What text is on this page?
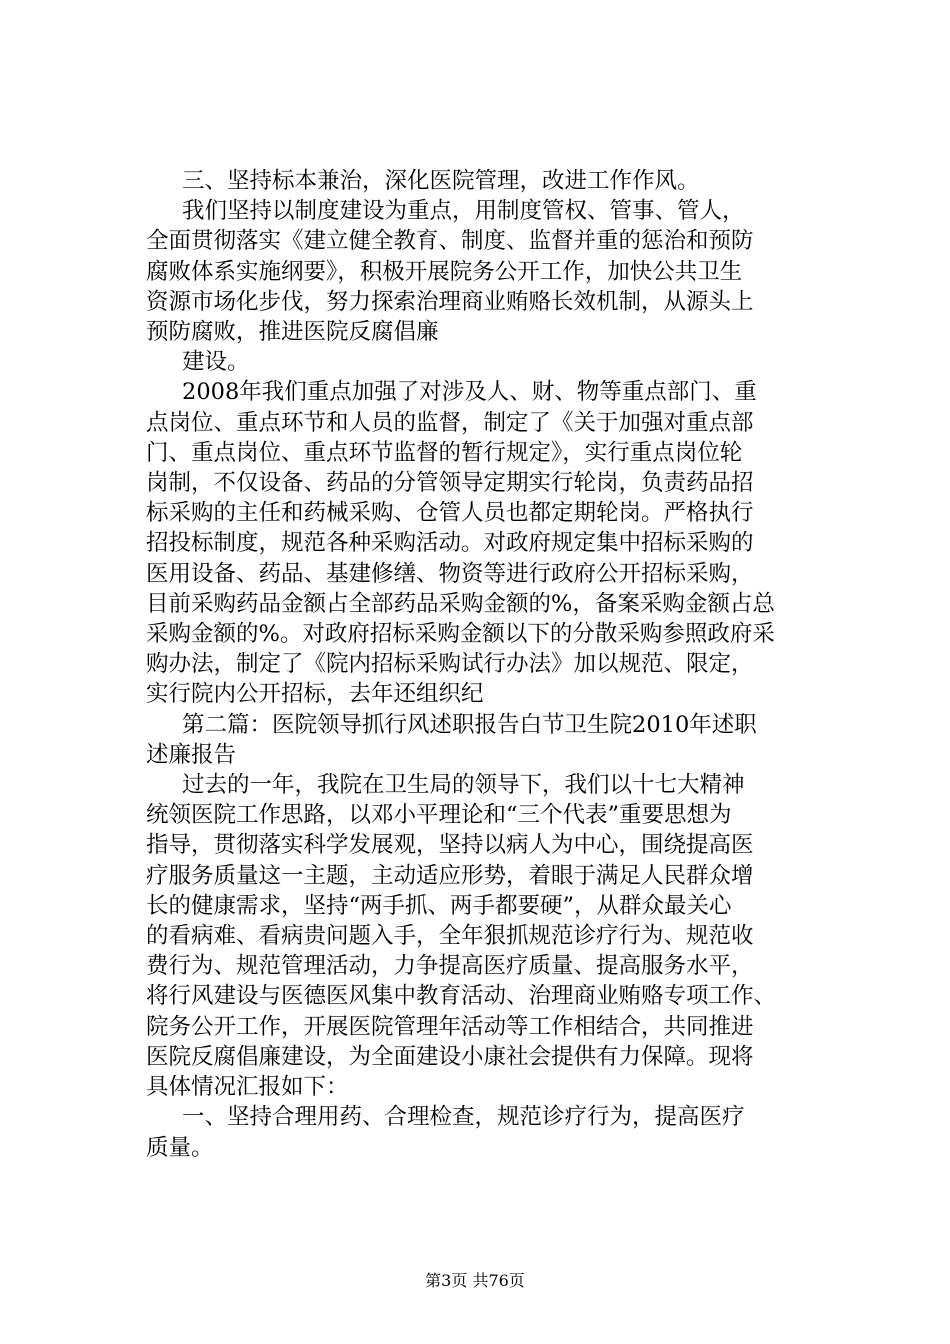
三、坚持标本兼治，深化医院管理，改进工作作风。
我们坚持以制度建设为重点，用制度管权、管事、管人，
全面贯彻落实《建立健全教育、制度、监督并重的惩治和预防
腐败体系实施纲要》，积极开展院务公开工作，加快公共卫生
资源市场化步伐，努力探索治理商业贿赂长效机制，从源头上
预防腐败，推进医院反腐倡廉
建设。
2008年我们重点加强了对涉及人、财、物等重点部门、重
点岗位、重点环节和人员的监督，制定了《关于加强对重点部
门、重点岗位、重点环节监督的暂行规定》，实行重点岗位轮
岗制，不仅设备、药品的分管领导定期实行轮岗，负责药品招
标采购的主任和药械采购、仓管人员也都定期轮岗。严格执行
招投标制度，规范各种采购活动。对政府规定集中招标采购的
医用设备、药品、基建修缮、物资等进行政府公开招标采购，
目前采购药品金额占全部药品采购金额的%，备案采购金额占总
采购金额的%。对政府招标采购金额以下的分散采购参照政府采
购办法，制定了《院内招标采购试行办法》加以规范、限定，
实行院内公开招标，去年还组织纪
第二篇：医院领导抓行风述职报告白节卫生院2010年述职
述廉报告
过去的一年，我院在卫生局的领导下，我们以十七大精神
统领医院工作思路，以邓小平理论和“三个代表”重要思想为
指导，贯彻落实科学发展观，坚持以病人为中心，围绕提高医
疗服务质量这一主题，主动适应形势，着眼于满足人民群众增
长的健康需求，坚持“两手抓、两手都要硬”，从群众最关心
的看病难、看病贵问题入手，全年狠抓规范诊疗行为、规范收
费行为、规范管理活动，力争提高医疗质量、提高服务水平，
将行风建设与医德医风集中教育活动、治理商业贿赂专项工作、
院务公开工作，开展医院管理年活动等工作相结合，共同推进
医院反腐倡廉建设，为全面建设小康社会提供有力保障。现将
具体情况汇报如下：
一、坚持合理用药、合理检查，规范诊疗行为，提高医疗
质量。
第3页 共76页
